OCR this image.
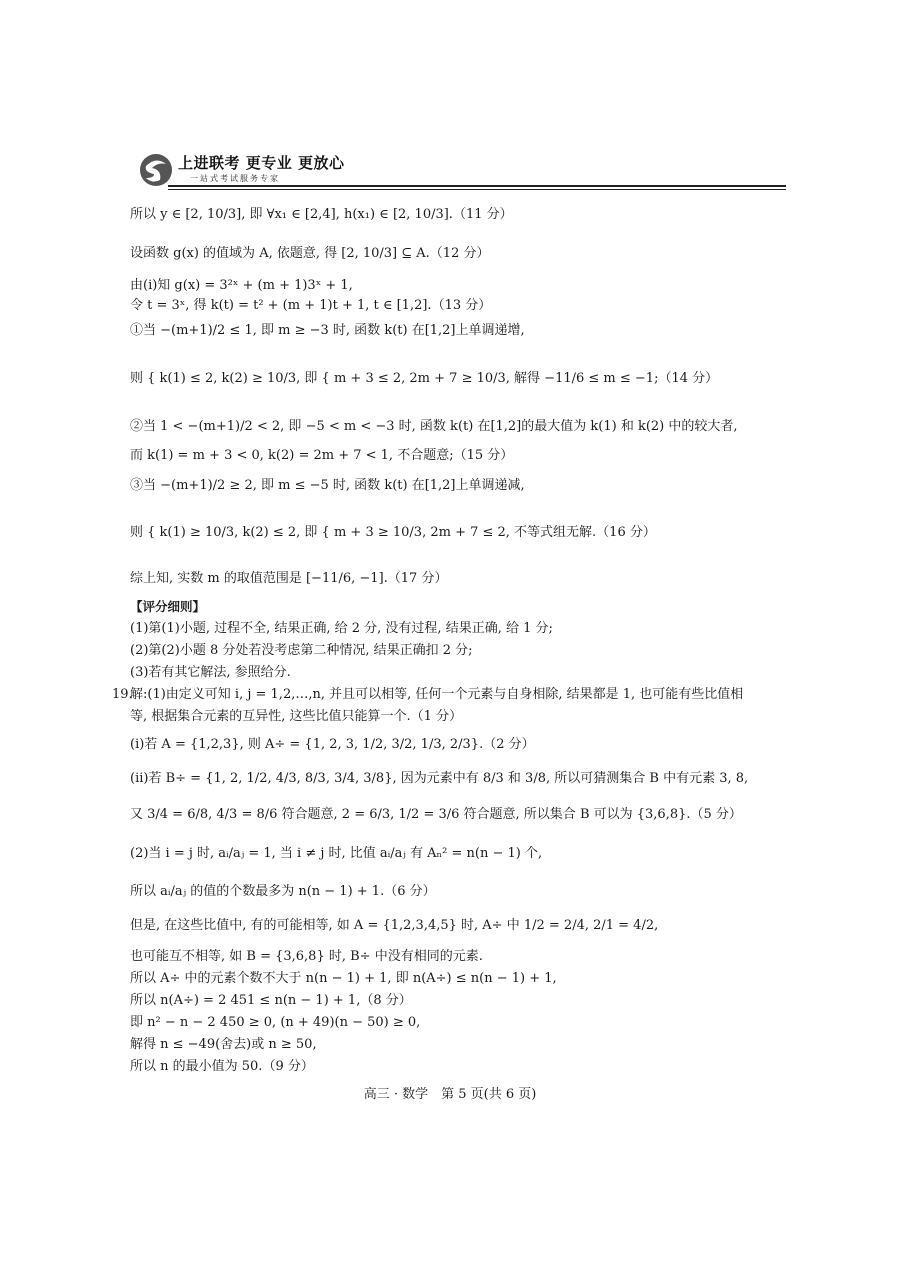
上进联考 更专业 更放心
一站式考试服务专家
所以 y ∈ [2, 10/3], 即 ∀x₁ ∈ [2,4], h(x₁) ∈ [2, 10/3].（11 分）
设函数 g(x) 的值域为 A, 依题意, 得 [2, 10/3] ⊆ A.（12 分）
由(i)知 g(x) = 3²ˣ + (m + 1)3ˣ + 1,
令 t = 3ˣ, 得 k(t) = t² + (m + 1)t + 1, t ∈ [1,2].（13 分）
①当 −(m+1)/2 ≤ 1, 即 m ≥ −3 时, 函数 k(t) 在[1,2]上单调递增,
则 { k(1) ≤ 2, k(2) ≥ 10/3, 即 { m + 3 ≤ 2, 2m + 7 ≥ 10/3, 解得 −11/6 ≤ m ≤ −1;（14 分）
②当 1 < −(m+1)/2 < 2, 即 −5 < m < −3 时, 函数 k(t) 在[1,2]的最大值为 k(1) 和 k(2) 中的较大者,
而 k(1) = m + 3 < 0, k(2) = 2m + 7 < 1, 不合题意;（15 分）
③当 −(m+1)/2 ≥ 2, 即 m ≤ −5 时, 函数 k(t) 在[1,2]上单调递减,
则 { k(1) ≥ 10/3, k(2) ≤ 2, 即 { m + 3 ≥ 10/3, 2m + 7 ≤ 2, 不等式组无解.（16 分）
综上知, 实数 m 的取值范围是 [−11/6, −1].（17 分）
【评分细则】
(1)第(1)小题, 过程不全, 结果正确, 给 2 分, 没有过程, 结果正确, 给 1 分;
(2)第(2)小题 8 分处若没考虑第二种情况, 结果正确扣 2 分;
(3)若有其它解法, 参照给分.
19.
解:(1)由定义可知 i, j = 1,2,…,n, 并且可以相等, 任何一个元素与自身相除, 结果都是 1, 也可能有些比值相
等, 根据集合元素的互异性, 这些比值只能算一个.（1 分）
(i)若 A = {1,2,3}, 则 A÷ = {1, 2, 3, 1/2, 3/2, 1/3, 2/3}.（2 分）
(ii)若 B÷ = {1, 2, 1/2, 4/3, 8/3, 3/4, 3/8}, 因为元素中有 8/3 和 3/8, 所以可猜测集合 B 中有元素 3, 8,
又 3/4 = 6/8, 4/3 = 8/6 符合题意, 2 = 6/3, 1/2 = 3/6 符合题意, 所以集合 B 可以为 {3,6,8}.（5 分）
(2)当 i = j 时, aᵢ/aⱼ = 1, 当 i ≠ j 时, 比值 aᵢ/aⱼ 有 Aₙ² = n(n − 1) 个,
所以 aᵢ/aⱼ 的值的个数最多为 n(n − 1) + 1.（6 分）
但是, 在这些比值中, 有的可能相等, 如 A = {1,2,3,4,5} 时, A÷ 中 1/2 = 2/4, 2/1 = 4/2,
也可能互不相等, 如 B = {3,6,8} 时, B÷ 中没有相同的元素.
所以 A÷ 中的元素个数不大于 n(n − 1) + 1, 即 n(A÷) ≤ n(n − 1) + 1,
所以 n(A÷) = 2 451 ≤ n(n − 1) + 1,（8 分）
即 n² − n − 2 450 ≥ 0, (n + 49)(n − 50) ≥ 0,
解得 n ≤ −49(舍去)或 n ≥ 50,
所以 n 的最小值为 50.（9 分）
高三 · 数学　第 5 页(共 6 页)
